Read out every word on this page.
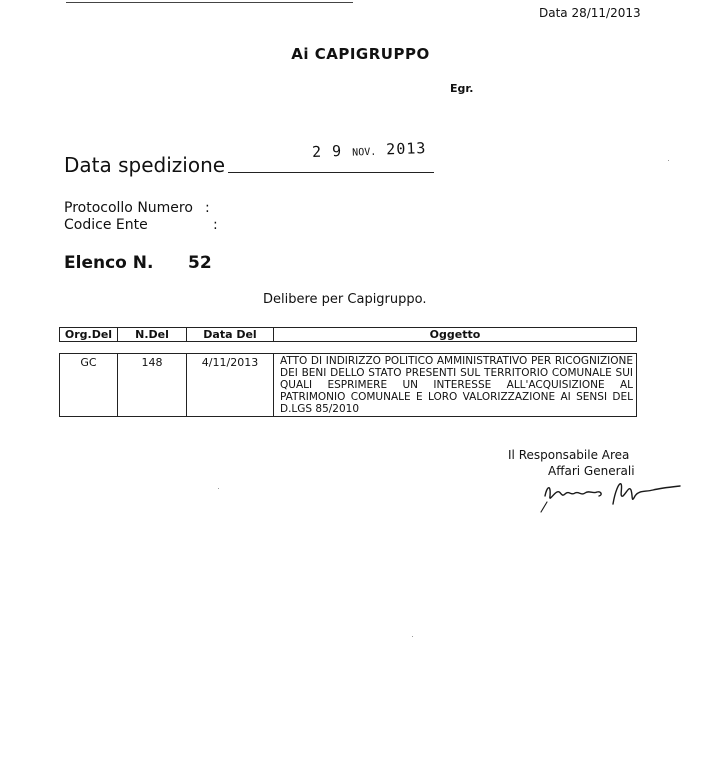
Data 28/11/2013
Ai CAPIGRUPPO
Egr.
Data spedizione
2 9 NOV. 2013
Protocollo Numero :
Codice Ente	:
Elenco N. 52
Delibere per Capigruppo.
Org.Del	N.Del	Data Del	Oggetto
GC	148	4/11/2013	ATTO DI INDIRIZZO POLITICO AMMINISTRATIVO PER RICOGNIZIONE DEI BENI DELLO STATO PRESENTI SUL TERRITORIO COMUNALE SUI QUALI ESPRIMERE UN INTERESSE ALL'ACQUISIZIONE AL PATRIMONIO COMUNALE E LORO VALORIZZAZIONE AI SENSI DEL D.LGS 85/2010
Il Responsabile Area
Affari Generali
